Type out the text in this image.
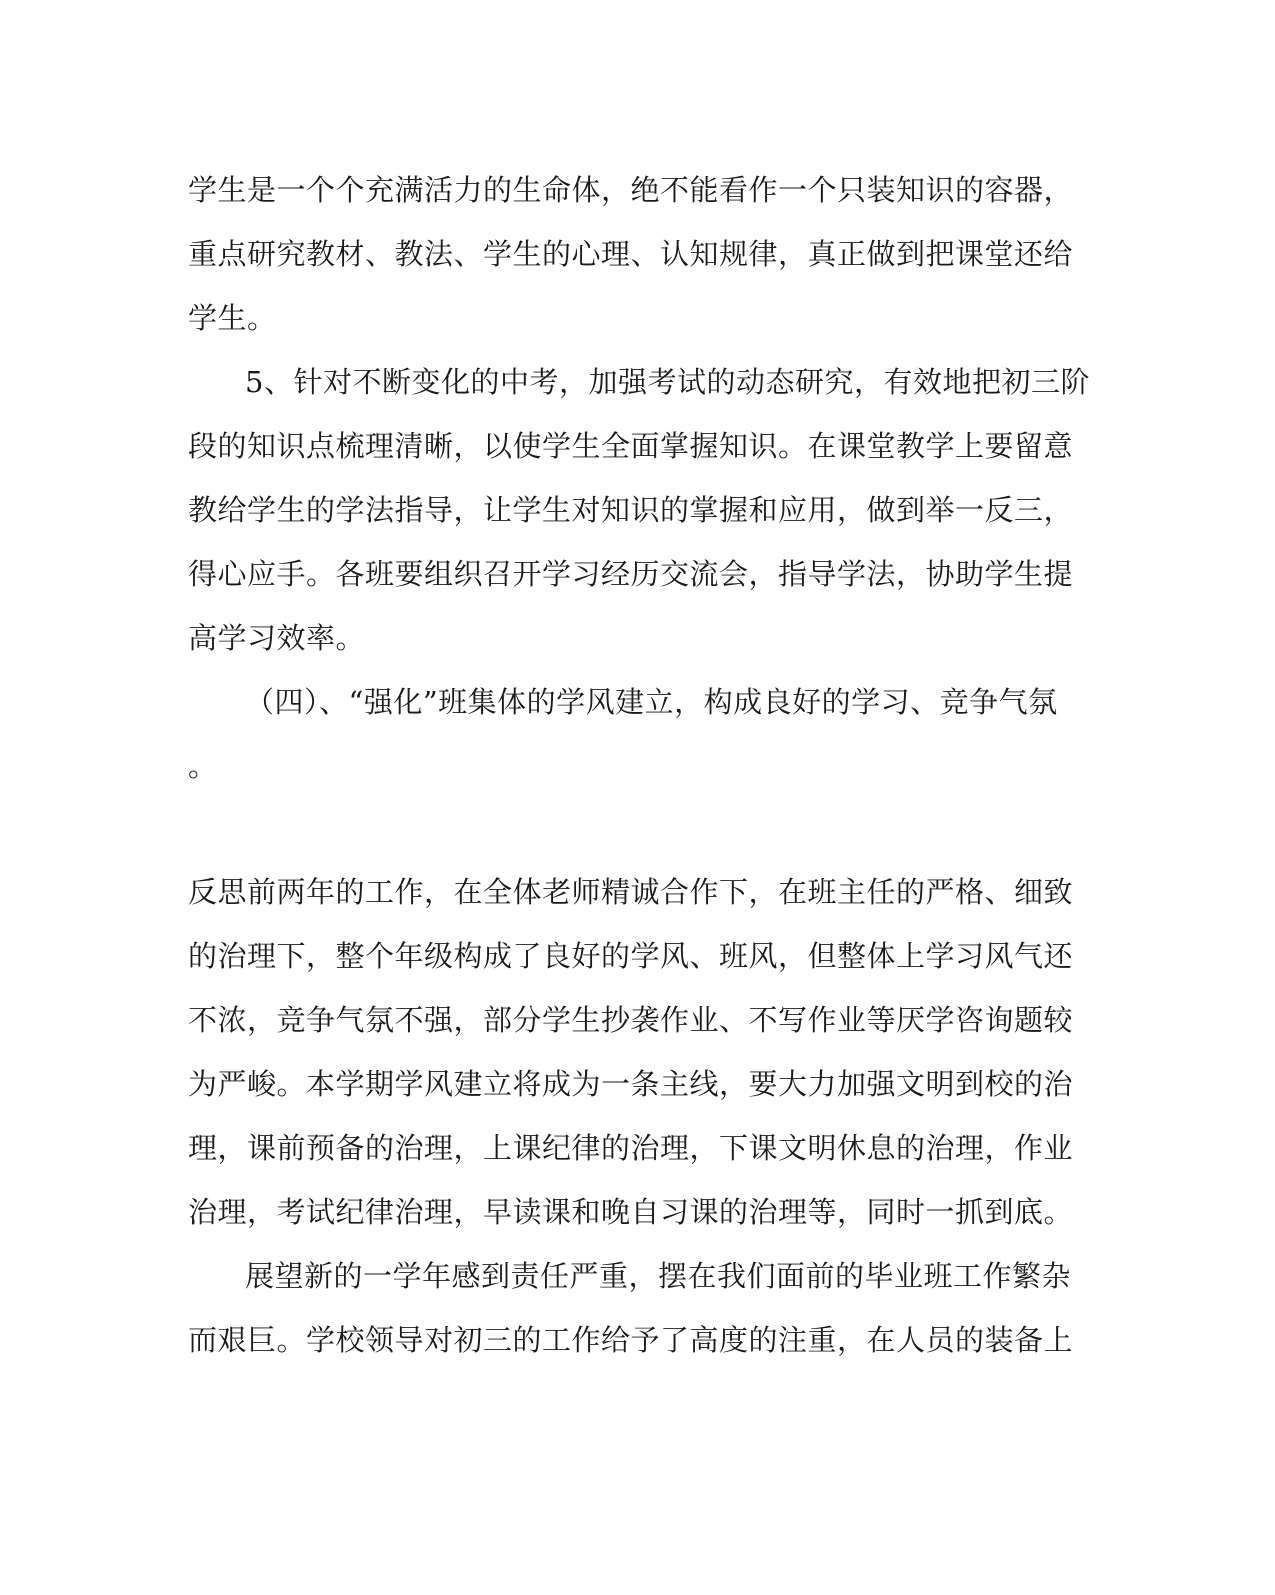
学生是一个个充满活力的生命体，绝不能看作一个只装知识的容器，
重点研究教材、教法、学生的心理、认知规律，真正做到把课堂还给
学生。
5、针对不断变化的中考，加强考试的动态研究，有效地把初三阶
段的知识点梳理清晰，以使学生全面掌握知识。在课堂教学上要留意
教给学生的学法指导，让学生对知识的掌握和应用，做到举一反三，
得心应手。各班要组织召开学习经历交流会，指导学法，协助学生提
高学习效率。
（四）、“强化”班集体的学风建立，构成良好的学习、竞争气氛
。
反思前两年的工作，在全体老师精诚合作下，在班主任的严格、细致
的治理下，整个年级构成了良好的学风、班风，但整体上学习风气还
不浓，竞争气氛不强，部分学生抄袭作业、不写作业等厌学咨询题较
为严峻。本学期学风建立将成为一条主线，要大力加强文明到校的治
理，课前预备的治理，上课纪律的治理，下课文明休息的治理，作业
治理，考试纪律治理，早读课和晚自习课的治理等，同时一抓到底。
展望新的一学年感到责任严重，摆在我们面前的毕业班工作繁杂
而艰巨。学校领导对初三的工作给予了高度的注重，在人员的装备上
